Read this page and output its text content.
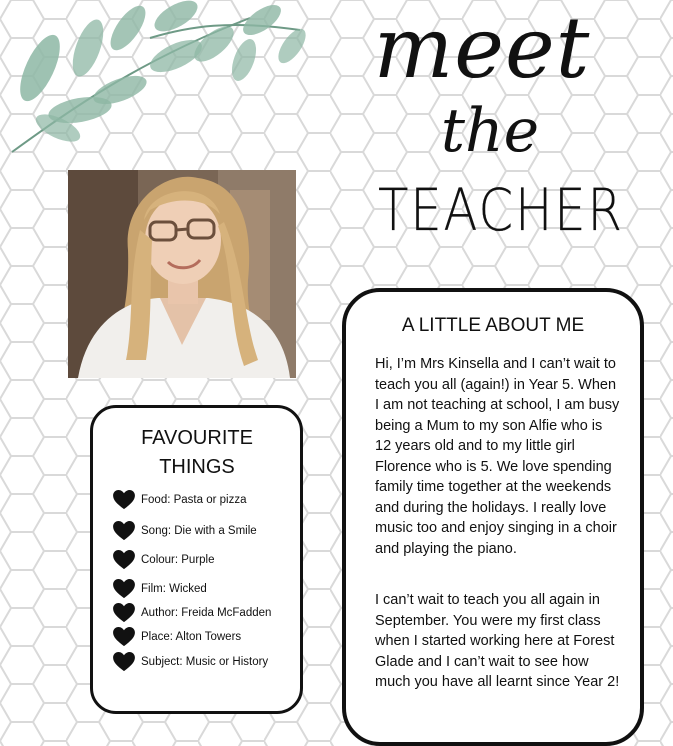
meet
the
TEACHER
FAVOURITE THINGS
Food: Pasta or pizza
Song: Die with a Smile
Colour: Purple
Film: Wicked
Author: Freida McFadden
Place: Alton Towers
Subject: Music or History
A LITTLE ABOUT ME
Hi, I’m Mrs Kinsella and I can’t wait to teach you all (again!) in Year 5. When I am not teaching at school, I am busy being a Mum to my son Alfie who is 12 years old and to my little girl Florence who is 5. We love spending family time together at the weekends and during the holidays. I really love music too and enjoy singing in a choir and playing the piano.
I can’t wait to teach you all again in September. You were my first class when I started working here at Forest Glade and I can’t wait to see how much you have all learnt since Year 2!
